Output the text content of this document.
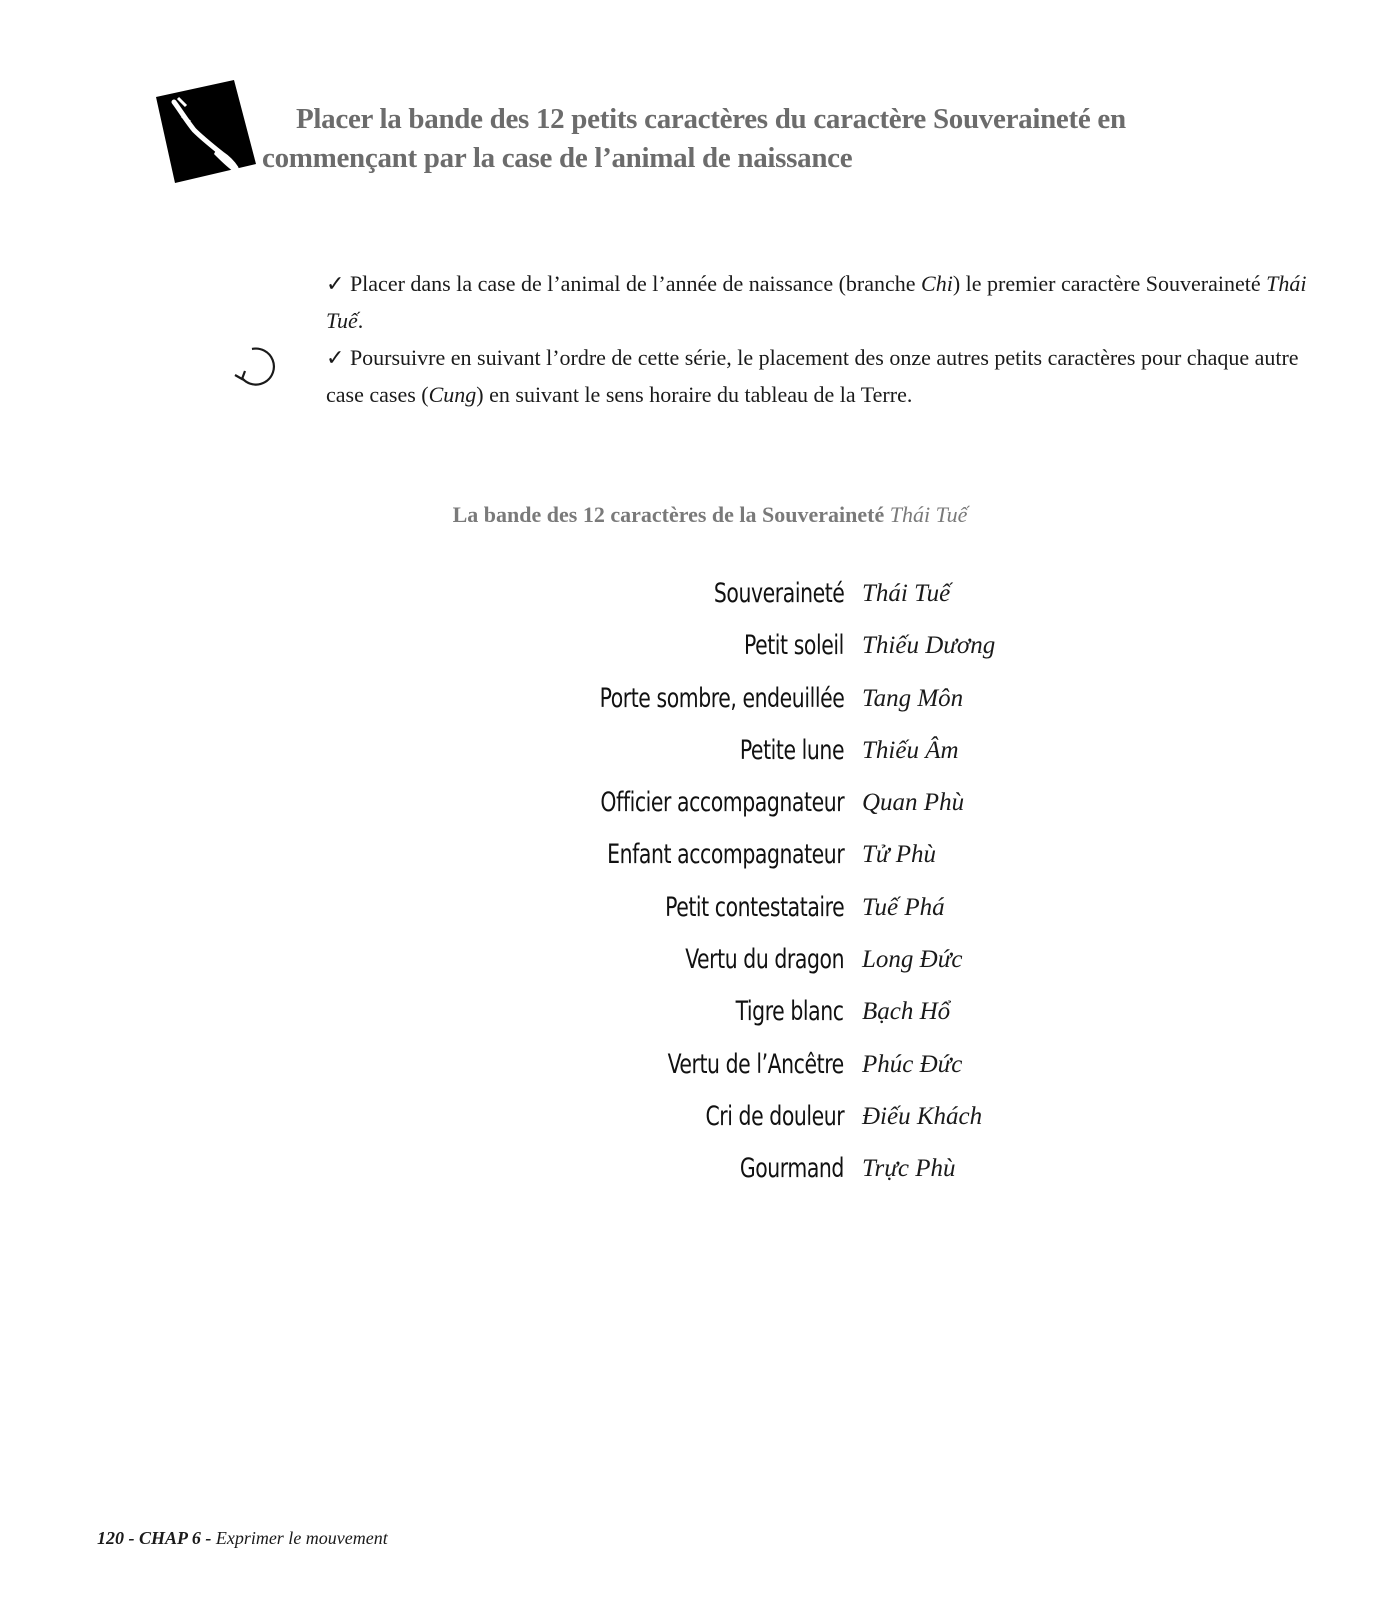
Placer la bande des 12 petits caractères du caractère Souveraineté en
commençant par la case de l’animal de naissance

✓ Placer dans la case de l’animal de l’année de naissance (branche Chi) le premier caractère Souveraineté Thái Tuế.

✓ Poursuivre en suivant l’ordre de cette série, le placement des onze autres petits caractères pour chaque autre case cases (Cung) en suivant le sens horaire du tableau de la Terre.

La bande des 12 caractères de la Souveraineté Thái Tuế
Souveraineté Thái Tuế
Petit soleil Thiếu Dương
Porte sombre, endeuillée Tang Môn
Petite lune Thiếu Âm
Officier accompagnateur Quan Phù
Enfant accompagnateur Tử Phù
Petit contestataire Tuế Phá
Vertu du dragon Long Đức
Tigre blanc Bạch Hổ
Vertu de l’Ancêtre Phúc Đức
Cri de douleur Điếu Khách
Gourmand Trực Phù
120 - CHAP 6 - Exprimer le mouvement
